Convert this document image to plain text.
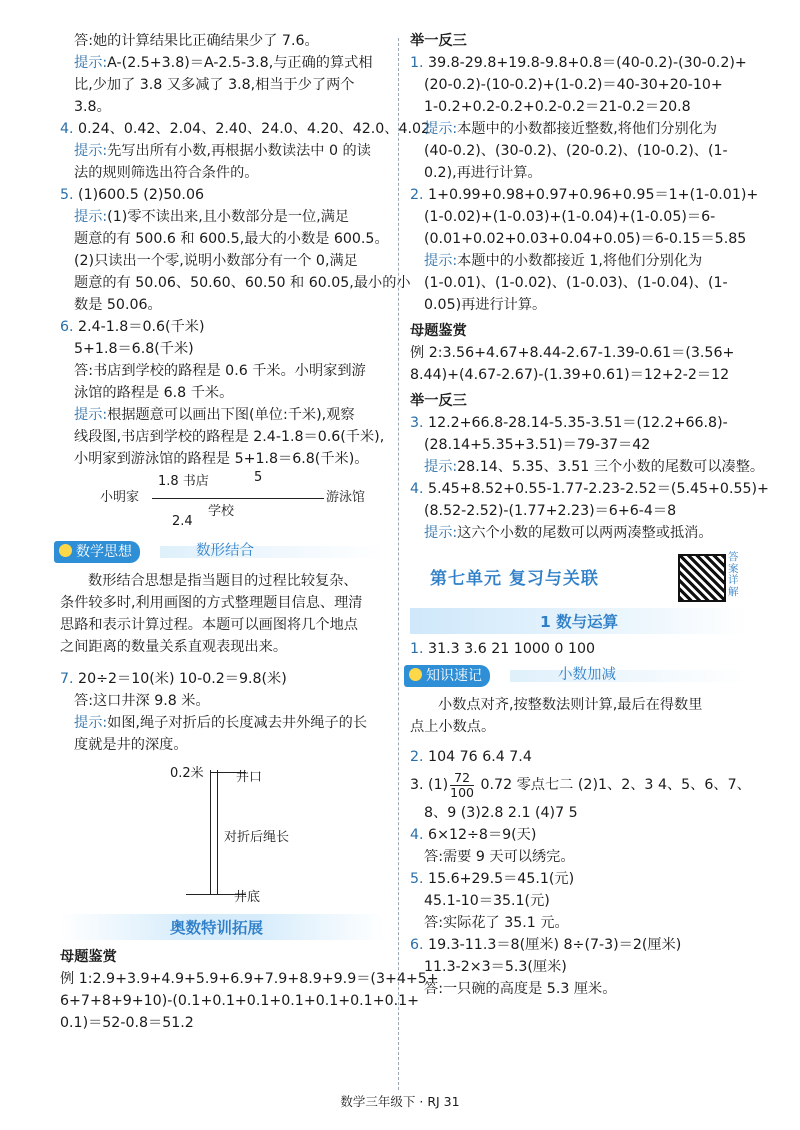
答:她的计算结果比正确结果少了 7.6。
提示:A-(2.5+3.8)＝A-2.5-3.8,与正确的算式相
比,少加了 3.8 又多减了 3.8,相当于少了两个
3.8。
4. 0.24、0.42、2.04、2.40、24.0、4.20、42.0、4.02
提示:先写出所有小数,再根据小数读法中 0 的读
法的规则筛选出符合条件的。
5. (1)600.5 (2)50.06
提示:(1)零不读出来,且小数部分是一位,满足
题意的有 500.6 和 600.5,最大的小数是 600.5。
(2)只读出一个零,说明小数部分有一个 0,满足
题意的有 50.06、50.60、60.50 和 60.05,最小的小
数是 50.06。
6. 2.4-1.8＝0.6(千米)
5+1.8＝6.8(千米)
答:书店到学校的路程是 0.6 千米。小明家到游
泳馆的路程是 6.8 千米。
提示:根据题意可以画出下图(单位:千米),观察
线段图,书店到学校的路程是 2.4-1.8＝0.6(千米),
小明家到游泳馆的路程是 5+1.8＝6.8(千米)。
1.8 书店	5
小明家	游泳馆
学校
2.4
数学思想	数形结合
数形结合思想是指当题目的过程比较复杂、
条件较多时,利用画图的方式整理题目信息、理清
思路和表示计算过程。本题可以画图将几个地点
之间距离的数量关系直观表现出来。
7. 20÷2＝10(米) 10-0.2＝9.8(米)
答:这口井深 9.8 米。
提示:如图,绳子对折后的长度减去井外绳子的长
度就是井的深度。
0.2米 井口
对折后绳长
井底
奥数特训拓展
母题鉴赏
例 1:2.9+3.9+4.9+5.9+6.9+7.9+8.9+9.9＝(3+4+5+
6+7+8+9+10)-(0.1+0.1+0.1+0.1+0.1+0.1+0.1+
0.1)＝52-0.8＝51.2
举一反三
1. 39.8-29.8+19.8-9.8+0.8＝(40-0.2)-(30-0.2)+
(20-0.2)-(10-0.2)+(1-0.2)＝40-30+20-10+
1-0.2+0.2-0.2+0.2-0.2＝21-0.2＝20.8
提示:本题中的小数都接近整数,将他们分别化为
(40-0.2)、(30-0.2)、(20-0.2)、(10-0.2)、(1-
0.2),再进行计算。
2. 1+0.99+0.98+0.97+0.96+0.95＝1+(1-0.01)+
(1-0.02)+(1-0.03)+(1-0.04)+(1-0.05)＝6-
(0.01+0.02+0.03+0.04+0.05)＝6-0.15＝5.85
提示:本题中的小数都接近 1,将他们分别化为
(1-0.01)、(1-0.02)、(1-0.03)、(1-0.04)、(1-
0.05)再进行计算。
母题鉴赏
例 2:3.56+4.67+8.44-2.67-1.39-0.61＝(3.56+
8.44)+(4.67-2.67)-(1.39+0.61)＝12+2-2＝12
举一反三
3. 12.2+66.8-28.14-5.35-3.51＝(12.2+66.8)-
(28.14+5.35+3.51)＝79-37＝42
提示:28.14、5.35、3.51 三个小数的尾数可以凑整。
4. 5.45+8.52+0.55-1.77-2.23-2.52＝(5.45+0.55)+
(8.52-2.52)-(1.77+2.23)＝6+6-4＝8
提示:这六个小数的尾数可以两两凑整或抵消。
第七单元 复习与关联
答案详解
1 数与运算
1. 31.3 3.6 21 1000 0 100
知识速记	小数加减
小数点对齐,按整数法则计算,最后在得数里
点上小数点。
2. 104 76 6.4 7.4
3. $(1) \frac{72}{100} 0.72$ 零点七二 (2)1、2、3 4、5、6、7、
8、9 (3)2.8 2.1 (4)7 5
4. 6×12÷8＝9(天)
答:需要 9 天可以绣完。
5. 15.6+29.5＝45.1(元)
45.1-10＝35.1(元)
答:实际花了 35.1 元。
6. 19.3-11.3＝8(厘米) 8÷(7-3)＝2(厘米)
11.3-2×3＝5.3(厘米)
答:一只碗的高度是 5.3 厘米。
数学三年级下 · RJ 31
